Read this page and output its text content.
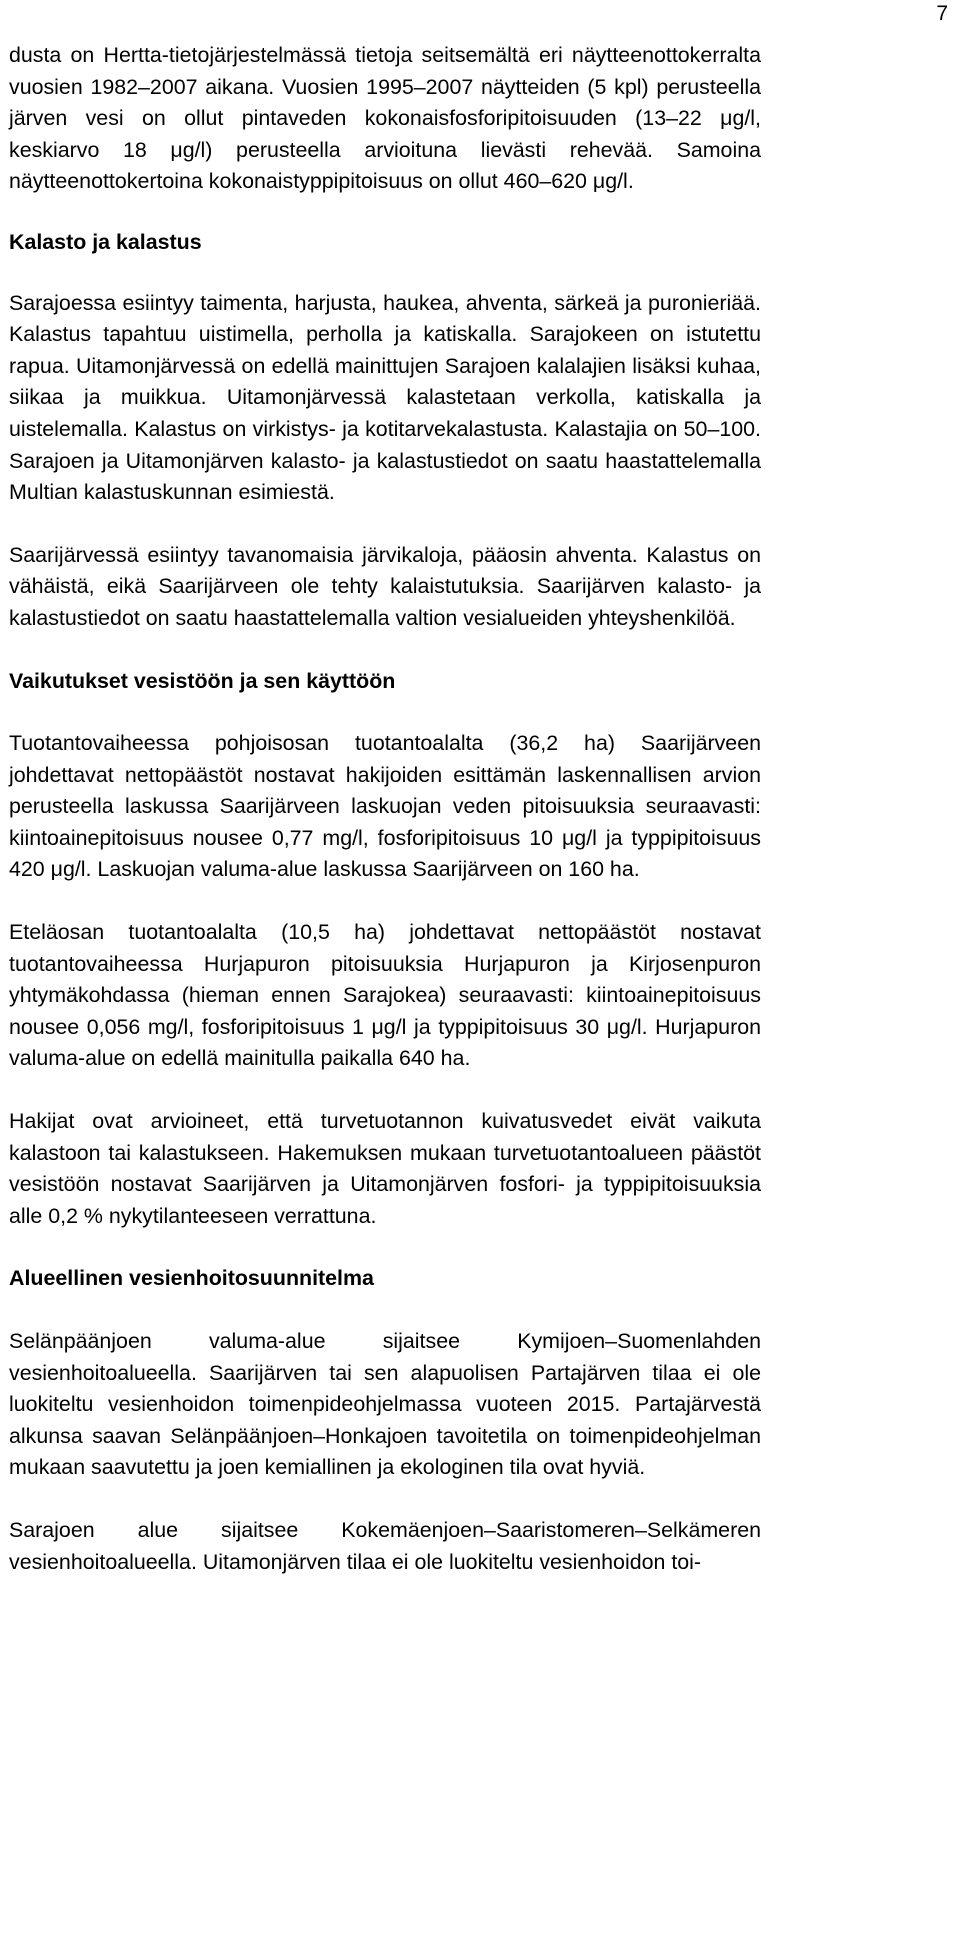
7

dusta on Hertta-tietojärjestelmässä tietoja seitsemältä eri näytteenottokerralta vuosien 1982–2007 aikana. Vuosien 1995–2007 näytteiden (5 kpl) perusteella järven vesi on ollut pintaveden kokonaisfosforipitoisuuden (13–22 μg/l, keskiarvo 18 μg/l) perusteella arvioituna lievästi rehevää. Samoina näytteenottokertoina kokonaistyppipitoisuus on ollut 460–620 μg/l.

Kalasto ja kalastus

Sarajoessa esiintyy taimenta, harjusta, haukea, ahventa, särkeä ja puronieriää. Kalastus tapahtuu uistimella, perholla ja katiskalla. Sarajokeen on istutettu rapua. Uitamonjärvessä on edellä mainittujen Sarajoen kalalajien lisäksi kuhaa, siikaa ja muikkua. Uitamonjärvessä kalastetaan verkolla, katiskalla ja uistelemalla. Kalastus on virkistys- ja kotitarvekalastusta. Kalastajia on 50–100. Sarajoen ja Uitamonjärven kalasto- ja kalastustiedot on saatu haastattelemalla Multian kalastuskunnan esimiestä.

Saarijärvessä esiintyy tavanomaisia järvikaloja, pääosin ahventa. Kalastus on vähäistä, eikä Saarijärveen ole tehty kalaistutuksia. Saarijärven kalasto- ja kalastustiedot on saatu haastattelemalla valtion vesialueiden yhteyshenkilöä.

Vaikutukset vesistöön ja sen käyttöön

Tuotantovaiheessa pohjoisosan tuotantoalalta (36,2 ha) Saarijärveen johdettavat nettopäästöt nostavat hakijoiden esittämän laskennallisen arvion perusteella laskussa Saarijärveen laskuojan veden pitoisuuksia seuraavasti: kiintoainepitoisuus nousee 0,77 mg/l, fosforipitoisuus 10 μg/l ja typpipitoisuus 420 μg/l. Laskuojan valuma-alue laskussa Saarijärveen on 160 ha.

Eteläosan tuotantoalalta (10,5 ha) johdettavat nettopäästöt nostavat tuotantovaiheessa Hurjapuron pitoisuuksia Hurjapuron ja Kirjosenpuron yhtymäkohdassa (hieman ennen Sarajokea) seuraavasti: kiintoainepitoisuus nousee 0,056 mg/l, fosforipitoisuus 1 μg/l ja typpipitoisuus 30 μg/l. Hurjapuron valuma-alue on edellä mainitulla paikalla 640 ha.

Hakijat ovat arvioineet, että turvetuotannon kuivatusvedet eivät vaikuta kalastoon tai kalastukseen. Hakemuksen mukaan turvetuotantoalueen päästöt vesistöön nostavat Saarijärven ja Uitamonjärven fosfori- ja typpipitoisuuksia alle 0,2 % nykytilanteeseen verrattuna.

Alueellinen vesienhoitosuunnitelma

Selänpäänjoen valuma-alue sijaitsee Kymijoen–Suomenlahden vesienhoitoalueella. Saarijärven tai sen alapuolisen Partajärven tilaa ei ole luokiteltu vesienhoidon toimenpideohjelmassa vuoteen 2015. Partajärvestä alkunsa saavan Selänpäänjoen–Honkajoen tavoitetila on toimenpideohjelman mukaan saavutettu ja joen kemiallinen ja ekologinen tila ovat hyviä.

Sarajoen alue sijaitsee Kokemäenjoen–Saaristomeren–Selkämeren vesienhoitoalueella. Uitamonjärven tilaa ei ole luokiteltu vesienhoidon toi-
